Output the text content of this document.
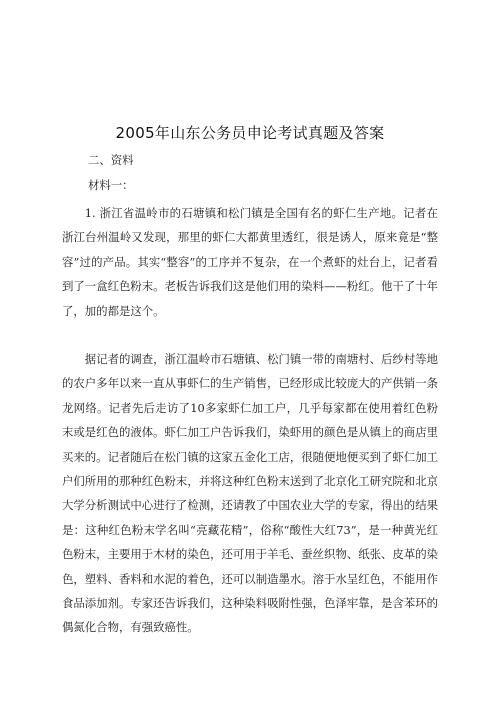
2005年山东公务员申论考试真题及答案
二、资料
材料一：
1. 浙江省温岭市的石塘镇和松门镇是全国有名的虾仁生产地。记者在浙江台州温岭又发现，那里的虾仁大都黄里透红，很是诱人，原来竟是“整容”过的产品。其实“整容”的工序并不复杂，在一个煮虾的灶台上，记者看到了一盒红色粉末。老板告诉我们这是他们用的染料——粉红。他干了十年了，加的都是这个。
据记者的调查，浙江温岭市石塘镇、松门镇一带的南塘村、后纱村等地的农户多年以来一直从事虾仁的生产销售，已经形成比较庞大的产供销一条龙网络。记者先后走访了10多家虾仁加工户，几乎每家都在使用着红色粉末或是红色的液体。虾仁加工户告诉我们，染虾用的颜色是从镇上的商店里买来的。记者随后在松门镇的这家五金化工店，很随便地便买到了虾仁加工户们所用的那种红色粉末，并将这种红色粉末送到了北京化工研究院和北京大学分析测试中心进行了检测，还请教了中国农业大学的专家，得出的结果是：这种红色粉末学名叫“亮藏花精”，俗称“酸性大红73”，是一种黄光红色粉末，主要用于木材的染色，还可用于羊毛、蚕丝织物、纸张、皮革的染色，塑料、香料和水泥的着色，还可以制造墨水。溶于水呈红色，不能用作食品添加剂。专家还告诉我们，这种染料吸附性强，色泽牢靠，是含苯环的偶氮化合物，有强致癌性。
